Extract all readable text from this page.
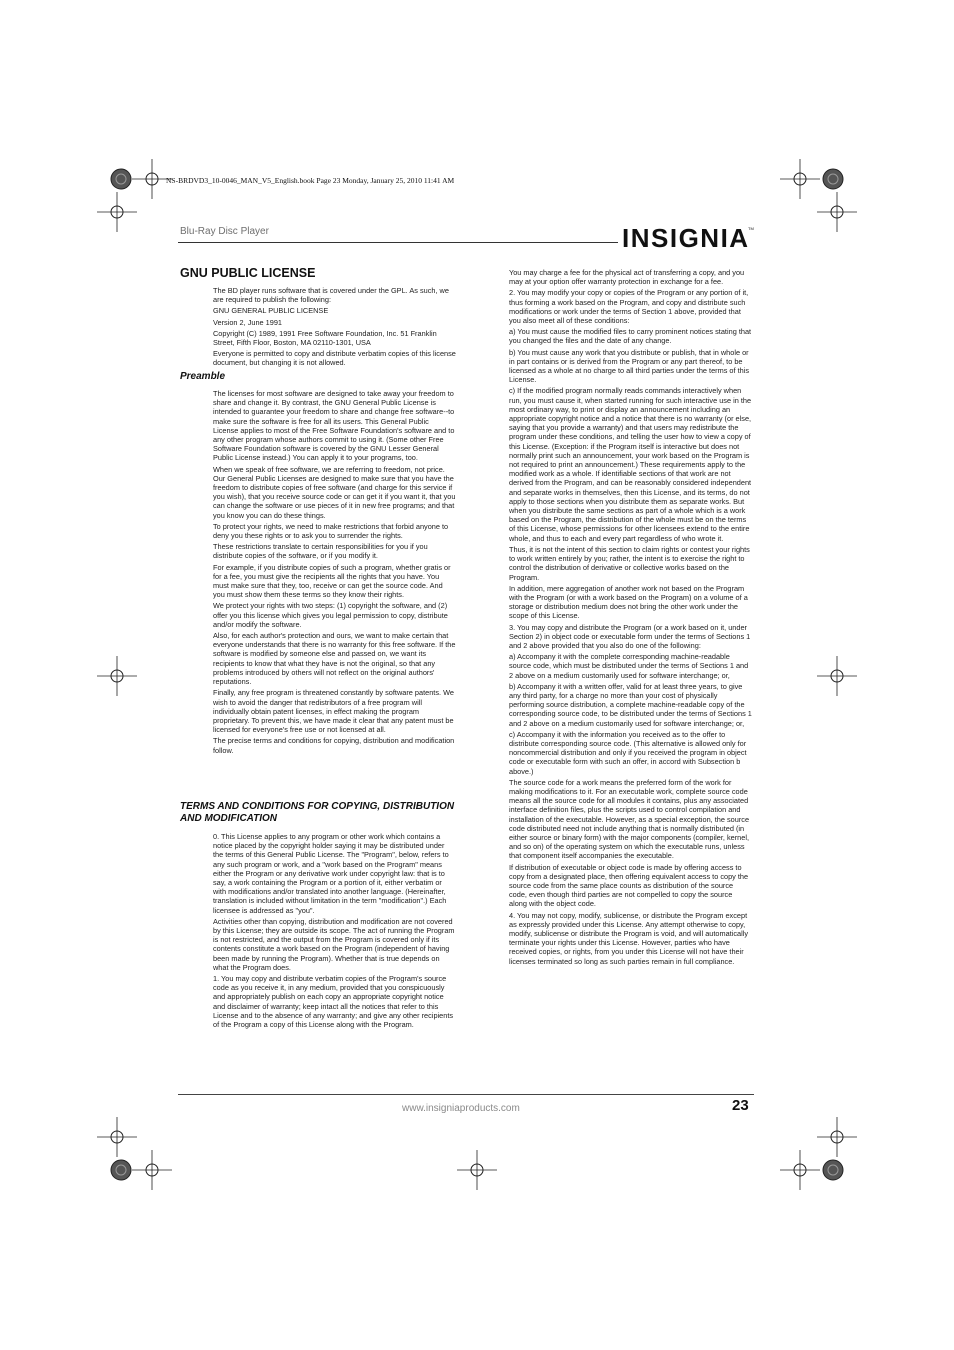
NS-BRDVD3_10-0046_MAN_V5_English.book Page 23 Monday, January 25, 2010 11:41 AM
Blu-Ray Disc Player	INSIGNIA
TM
GNU PUBLIC LICENSE

The BD player runs software that is covered under the GPL. As such, we are required to publish the following:

GNU GENERAL PUBLIC LICENSE

Version 2, June 1991

Copyright (C) 1989, 1991 Free Software Foundation, Inc. 51 Franklin Street, Fifth Floor, Boston, MA 02110-1301, USA

Everyone is permitted to copy and distribute verbatim copies of this license document, but changing it is not allowed.

Preamble

The licenses for most software are designed to take away your freedom to share and change it. By contrast, the GNU General Public License is intended to guarantee your freedom to share and change free software--to make sure the software is free for all its users. This General Public License applies to most of the Free Software Foundation's software and to any other program whose authors commit to using it. (Some other Free Software Foundation software is covered by the GNU Lesser General Public License instead.) You can apply it to your programs, too.

When we speak of free software, we are referring to freedom, not price. Our General Public Licenses are designed to make sure that you have the freedom to distribute copies of free software (and charge for this service if you wish), that you receive source code or can get it if you want it, that you can change the software or use pieces of it in new free programs; and that you know you can do these things.

To protect your rights, we need to make restrictions that forbid anyone to deny you these rights or to ask you to surrender the rights.

These restrictions translate to certain responsibilities for you if you distribute copies of the software, or if you modify it.

For example, if you distribute copies of such a program, whether gratis or for a fee, you must give the recipients all the rights that you have. You must make sure that they, too, receive or can get the source code. And you must show them these terms so they know their rights.

We protect your rights with two steps: (1) copyright the software, and (2) offer you this license which gives you legal permission to copy, distribute and/or modify the software.

Also, for each author's protection and ours, we want to make certain that everyone understands that there is no warranty for this free software. If the software is modified by someone else and passed on, we want its recipients to know that what they have is not the original, so that any problems introduced by others will not reflect on the original authors' reputations.

Finally, any free program is threatened constantly by software patents. We wish to avoid the danger that redistributors of a free program will individually obtain patent licenses, in effect making the program proprietary. To prevent this, we have made it clear that any patent must be licensed for everyone's free use or not licensed at all.

The precise terms and conditions for copying, distribution and modification follow.

TERMS AND CONDITIONS FOR COPYING, DISTRIBUTION AND MODIFICATION

0. This License applies to any program or other work which contains a notice placed by the copyright holder saying it may be distributed under the terms of this General Public License. The "Program", below, refers to any such program or work, and a "work based on the Program" means either the Program or any derivative work under copyright law: that is to say, a work containing the Program or a portion of it, either verbatim or with modifications and/or translated into another language. (Hereinafter, translation is included without limitation in the term "modification".) Each licensee is addressed as "you".

Activities other than copying, distribution and modification are not covered by this License; they are outside its scope. The act of running the Program is not restricted, and the output from the Program is covered only if its contents constitute a work based on the Program (independent of having been made by running the Program). Whether that is true depends on what the Program does.

1. You may copy and distribute verbatim copies of the Program's source code as you receive it, in any medium, provided that you conspicuously and appropriately publish on each copy an appropriate copyright notice and disclaimer of warranty; keep intact all the notices that refer to this License and to the absence of any warranty; and give any other recipients of the Program a copy of this License along with the Program.

You may charge a fee for the physical act of transferring a copy, and you may at your option offer warranty protection in exchange for a fee.

2. You may modify your copy or copies of the Program or any portion of it, thus forming a work based on the Program, and copy and distribute such modifications or work under the terms of Section 1 above, provided that you also meet all of these conditions:

a) You must cause the modified files to carry prominent notices stating that you changed the files and the date of any change.

b) You must cause any work that you distribute or publish, that in whole or in part contains or is derived from the Program or any part thereof, to be licensed as a whole at no charge to all third parties under the terms of this License.

c) If the modified program normally reads commands interactively when run, you must cause it, when started running for such interactive use in the most ordinary way, to print or display an announcement including an appropriate copyright notice and a notice that there is no warranty (or else, saying that you provide a warranty) and that users may redistribute the program under these conditions, and telling the user how to view a copy of this License. (Exception: if the Program itself is interactive but does not normally print such an announcement, your work based on the Program is not required to print an announcement.) These requirements apply to the modified work as a whole. If identifiable sections of that work are not derived from the Program, and can be reasonably considered independent and separate works in themselves, then this License, and its terms, do not apply to those sections when you distribute them as separate works. But when you distribute the same sections as part of a whole which is a work based on the Program, the distribution of the whole must be on the terms of this License, whose permissions for other licensees extend to the entire whole, and thus to each and every part regardless of who wrote it.

Thus, it is not the intent of this section to claim rights or contest your rights to work written entirely by you; rather, the intent is to exercise the right to control the distribution of derivative or collective works based on the Program.

In addition, mere aggregation of another work not based on the Program with the Program (or with a work based on the Program) on a volume of a storage or distribution medium does not bring the other work under the scope of this License.

3. You may copy and distribute the Program (or a work based on it, under Section 2) in object code or executable form under the terms of Sections 1 and 2 above provided that you also do one of the following:

a) Accompany it with the complete corresponding machine-readable source code, which must be distributed under the terms of Sections 1 and 2 above on a medium customarily used for software interchange; or,

b) Accompany it with a written offer, valid for at least three years, to give any third party, for a charge no more than your cost of physically performing source distribution, a complete machine-readable copy of the corresponding source code, to be distributed under the terms of Sections 1 and 2 above on a medium customarily used for software interchange; or,

c) Accompany it with the information you received as to the offer to distribute corresponding source code. (This alternative is allowed only for noncommercial distribution and only if you received the program in object code or executable form with such an offer, in accord with Subsection b above.)

The source code for a work means the preferred form of the work for making modifications to it. For an executable work, complete source code means all the source code for all modules it contains, plus any associated interface definition files, plus the scripts used to control compilation and installation of the executable. However, as a special exception, the source code distributed need not include anything that is normally distributed (in either source or binary form) with the major components (compiler, kernel, and so on) of the operating system on which the executable runs, unless that component itself accompanies the executable.

If distribution of executable or object code is made by offering access to copy from a designated place, then offering equivalent access to copy the source code from the same place counts as distribution of the source code, even though third parties are not compelled to copy the source along with the object code.

4. You may not copy, modify, sublicense, or distribute the Program except as expressly provided under this License. Any attempt otherwise to copy, modify, sublicense or distribute the Program is void, and will automatically terminate your rights under this License. However, parties who have received copies, or rights, from you under this License will not have their licenses terminated so long as such parties remain in full compliance.

www.insigniaproducts.com	23
